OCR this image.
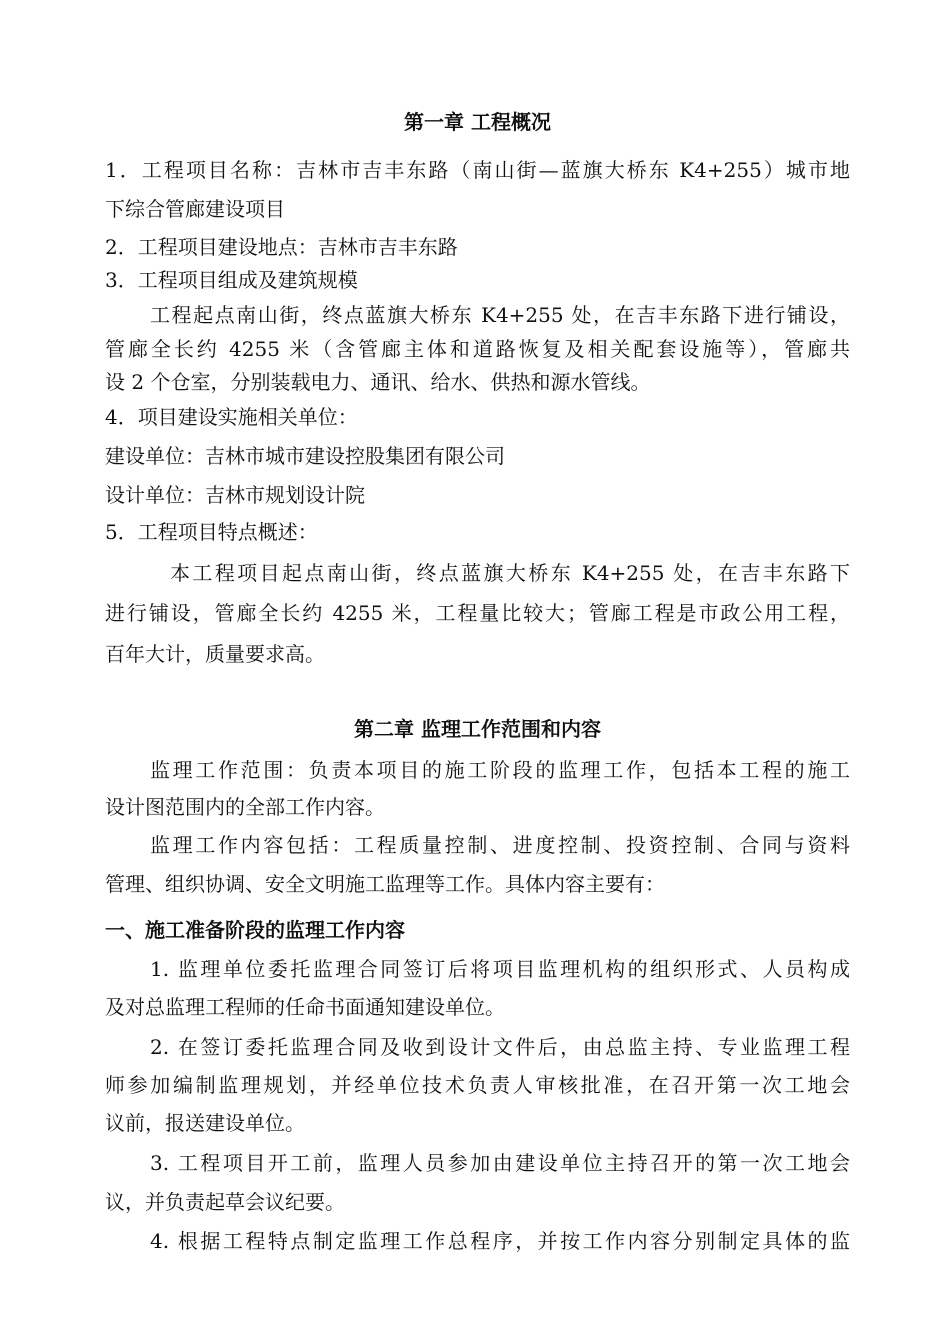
第一章 工程概况
1．工程项目名称：吉林市吉丰东路（南山街—蓝旗大桥东 K4+255）城市地
下综合管廊建设项目
2．工程项目建设地点：吉林市吉丰东路
3．工程项目组成及建筑规模
工程起点南山街，终点蓝旗大桥东 K4+255 处，在吉丰东路下进行铺设，
管廊全长约 4255 米（含管廊主体和道路恢复及相关配套设施等），管廊共
设 2 个仓室，分别装载电力、通讯、给水、供热和源水管线。
4．项目建设实施相关单位：
建设单位：吉林市城市建设控股集团有限公司
设计单位：吉林市规划设计院
5．工程项目特点概述：
本工程项目起点南山街，终点蓝旗大桥东 K4+255 处，在吉丰东路下
进行铺设，管廊全长约 4255 米，工程量比较大；管廊工程是市政公用工程，
百年大计，质量要求高。
第二章 监理工作范围和内容
监理工作范围：负责本项目的施工阶段的监理工作，包括本工程的施工
设计图范围内的全部工作内容。
监理工作内容包括：工程质量控制、进度控制、投资控制、合同与资料
管理、组织协调、安全文明施工监理等工作。具体内容主要有：
一、施工准备阶段的监理工作内容
1. 监理单位委托监理合同签订后将项目监理机构的组织形式、人员构成
及对总监理工程师的任命书面通知建设单位。
2. 在签订委托监理合同及收到设计文件后，由总监主持、专业监理工程
师参加编制监理规划，并经单位技术负责人审核批准，在召开第一次工地会
议前，报送建设单位。
3. 工程项目开工前，监理人员参加由建设单位主持召开的第一次工地会
议，并负责起草会议纪要。
4. 根据工程特点制定监理工作总程序，并按工作内容分别制定具体的监
